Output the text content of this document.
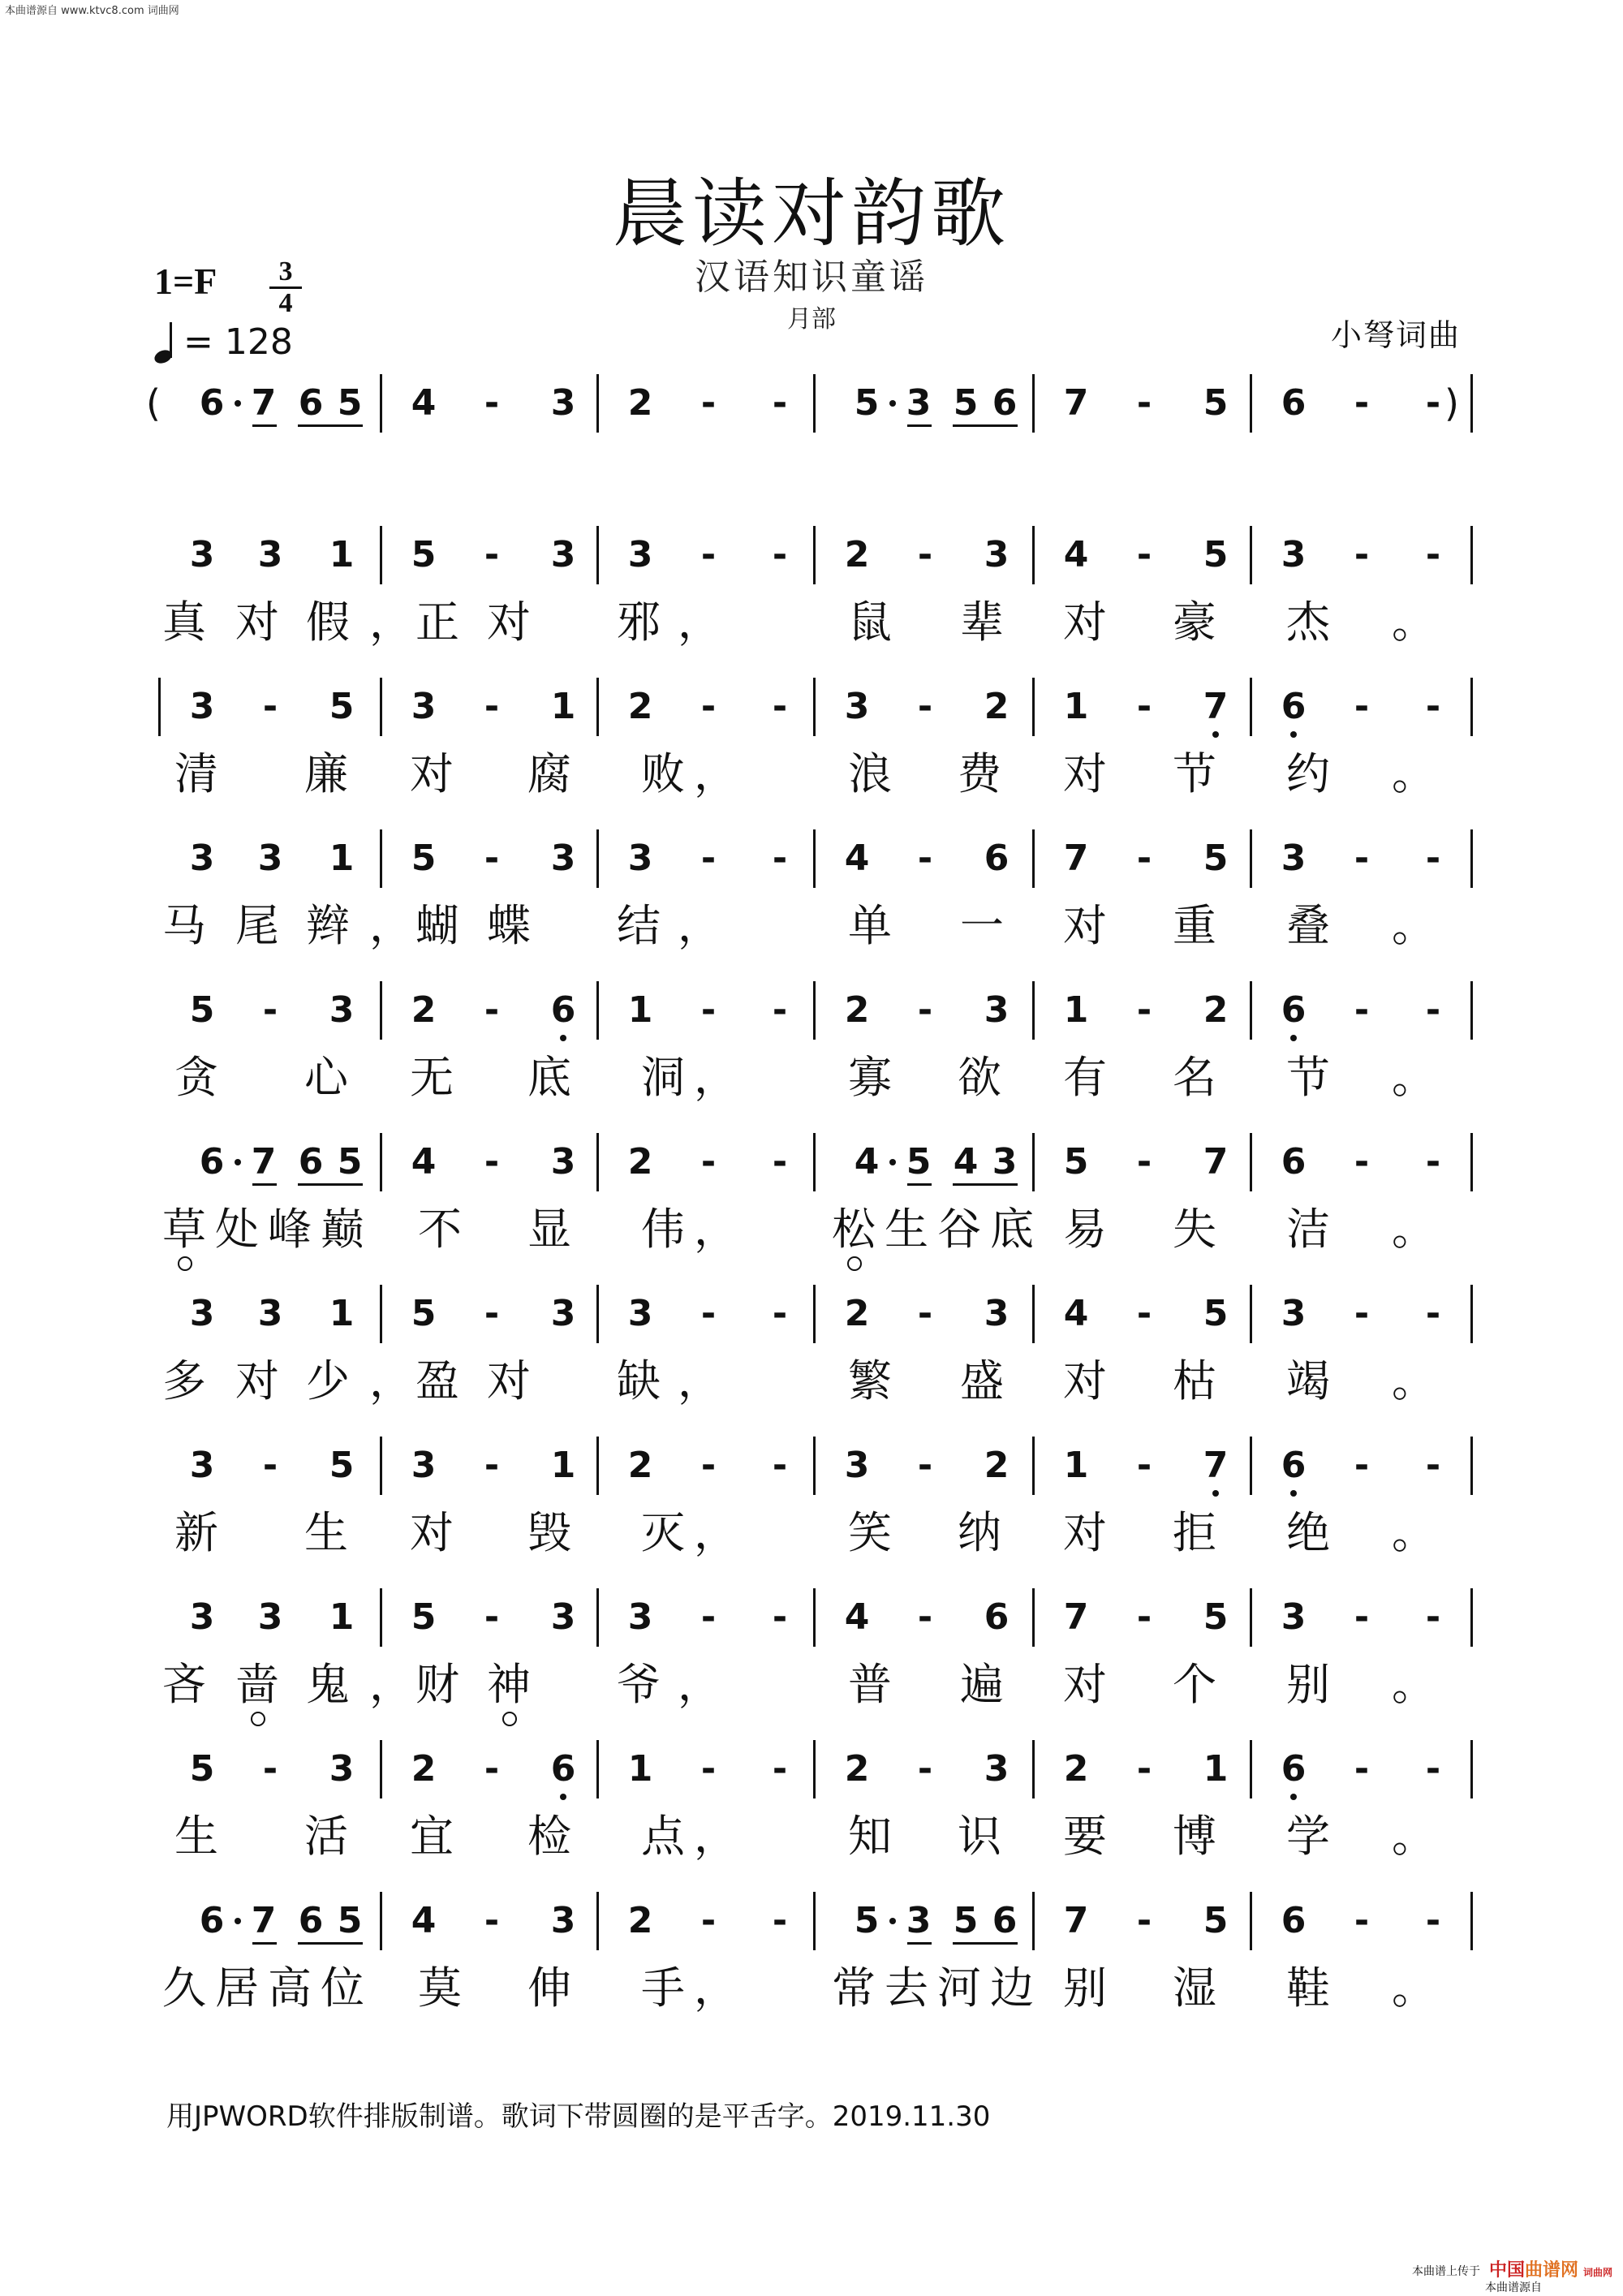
本曲谱源自 www.ktvc8.com 词曲网
晨读对韵歌
汉语知识童谣
月部
1=F	3
4
= 128	小弩词曲
(	)
6 7 6 5 4	-	3 2	-	-	5 3 5 6 7	-	5 6	-	-
3 3 1 5	-	3 3	-	-	2	-	3 4	-	5 3	-	-
真 对 假 ， 正 对 邪 ，	鼠 辈 对 豪 杰 。
3	-	5 3	-	1 2	-	-	3	-	2 1	-	7 6	-	-
清 廉 对 腐 败 ，	浪 费 对 节 约 。
3 3 1 5	-	3 3	-	-	4	-	6 7	-	5 3	-	-
马 尾 辫 ， 蝴 蝶 结 ，	单 一 对 重 叠 。
5	-	3 2	-	6 1	-	-	2	-	3 1	-	2 6	-	-
贪 心 无 底 洞 ，	寡 欲 有 名 节 。
6 7 6 5 4	-	3 2	-	-	4 5 4 3 5	-	7 6	-	-
草 处 峰 巅 不 显 伟 ， 松 生 谷 底 易 失 洁 。
3 3 1 5	-	3 3	-	-	2	-	3 4	-	5 3	-	-
多 对 少 ， 盈 对 缺 ，	繁 盛 对 枯 竭 。
3	-	5 3	-	1 2	-	-	3	-	2 1	-	7 6	-	-
新 生 对 毁 灭 ，	笑 纳 对 拒 绝 。
3 3 1 5	-	3 3	-	-	4	-	6 7	-	5 3	-	-
吝 啬 鬼 ， 财 神 爷 ，	普 遍 对 个 别 。
5	-	3 2	-	6 1	-	-	2	-	3 2	-	1 6	-	-
生 活 宜 检 点 ，	知 识 要 博 学 。
6 7 6 5 4	-	3 2	-	-	5 3 5 6 7	-	5 6	-	-
久 居 高 位 莫 伸 手 ， 常 去 河 边 别 湿 鞋 。
用JPWORD软件排版制谱。歌词下带圆圈的是平舌字。2019.11.30
本曲谱上传于 中国曲谱网 词曲网
本曲谱源自
